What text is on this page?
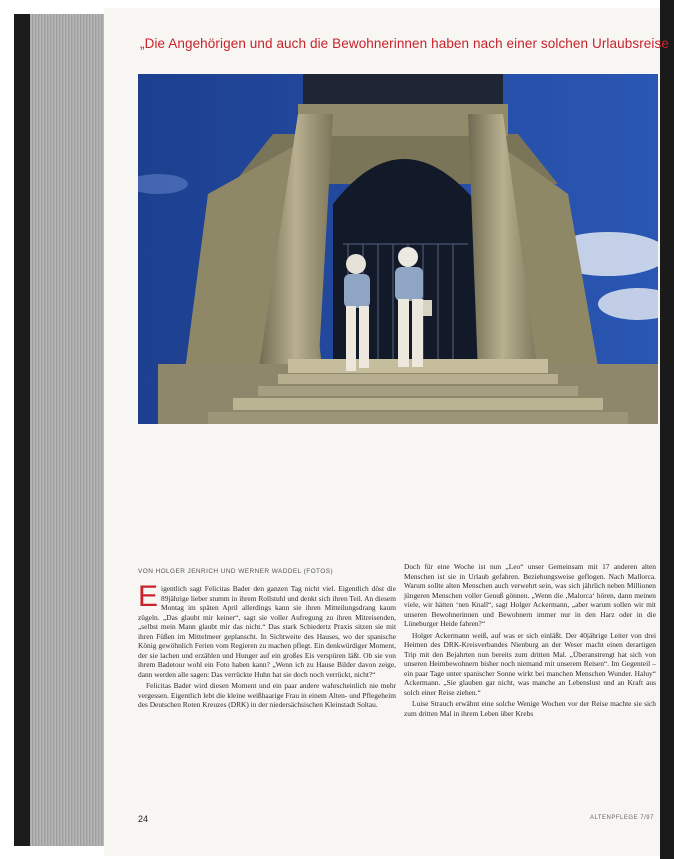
„Die Angehörigen und auch die Bewohnerinnen haben nach einer solchen Urlaubsreise
VON HOLGER JENRICH UND WERNER WADDEL (FOTOS)

Eigentlich sagt Felicitas Bader den ganzen Tag nicht viel. Eigentlich döst die 89jährige lieber stumm in ihrem Rollstuhl und denkt sich ihren Teil. An diesem Montag im späten April allerdings kann sie ihren Mitteilungsdrang kaum zügeln. „Das glaubt mir keiner“, sagt sie voller Aufregung zu ihren Mitreisenden, „selbst mein Mann glaubt mir das nicht.“ Das stark Schiedertz Praxis sitzen sie mit ihren Füßen im Mittelmeer geplanscht. In Sichtweite des Hauses, wo der spanische König gewöhnlich Ferien vom Regieren zu machen pflegt. Ein denkwürdiger Moment, der sie lachen und erzählen und Hunger auf ein großes Eis verspüren läßt. Ob sie von ihrem Badetour wohl ein Foto haben kann? „Wenn ich zu Hause Bilder davon zeige, dann werden alle sagen: Das verrückte Huhn hat sie doch noch verrückt, nicht?“

Felicitas Bader wird diesen Moment und ein paar andere wahrscheinlich nie mehr vergessen. Eigentlich lebt die kleine weißhaarige Frau in einem Alten- und Pflegeheim des Deutschen Roten Kreuzes (DRK) in der niedersächsischen Kleinstadt Soltau.

Doch für eine Woche ist nun „Leo“ unser Gemeinsam mit 17 anderen alten Menschen ist sie in Urlaub gefahren. Beziehungsweise geflogen. Nach Mallorca. Warum sollte alten Menschen auch verwehrt sein, was sich jährlich neben Millionen jüngeren Menschen voller Genuß gönnen. „Wenn die ‚Malorca‘ hören, dann meinen viele, wir hätten ‘nen Knall“, sagt Holger Ackermann, „aber warum sollen wir mit unseren Bewohnerinnen und Bewohnern immer nur in den Harz oder in die Lüneburger Heide fahren?“

Holger Ackermann weiß, auf was er sich einläßt. Der 40jährige Leiter von drei Heimen des DRK-Kreisverbandes Nienburg an der Weser macht einen derartigen Trip mit den Bejahrten nun bereits zum dritten Mal. „Überanstrengt hat sich von unseren Heimbewohnern bisher noch niemand mit unserem Reisen“. Im Gegenteil – ein paar Tage unter spanischer Sonne wirkt bei manchen Menschen Wunder. Haluy“ Ackermann. „Sie glauben gar nicht, was manche an Lebenslust und an Kraft aus solch einer Reise ziehen.“

Luise Strauch erwähnt eine solche Wenige Wochen vor der Reise machte sie sich zum dritten Mal in ihrem Leben über Krebs

24	ALTENPFLEGE 7/97
